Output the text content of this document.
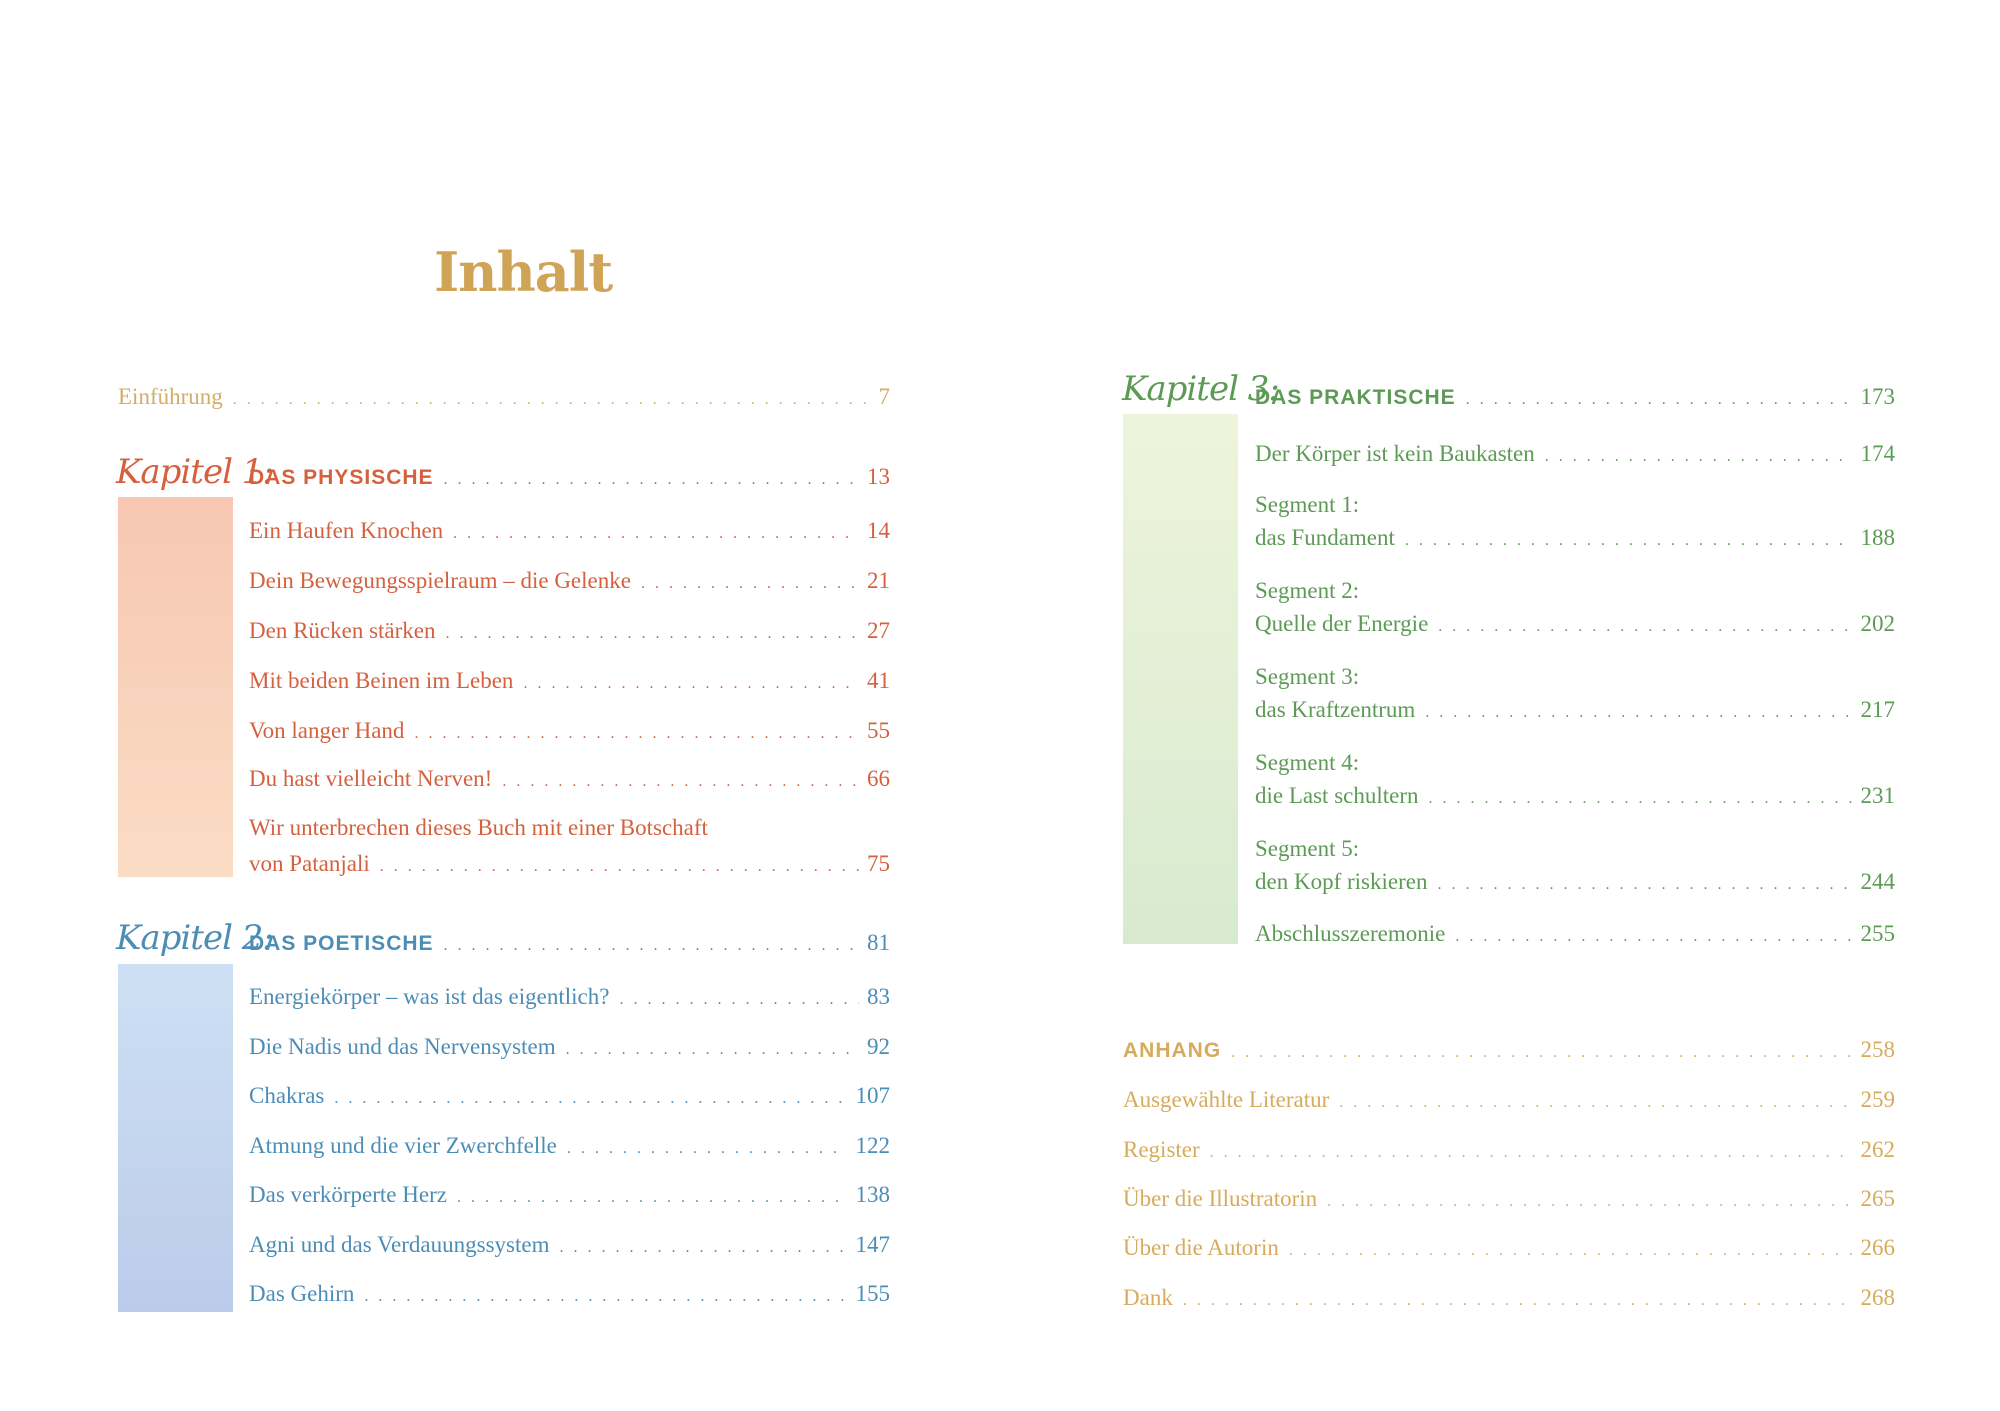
Inhalt
Einführung . . .	7
Kapitel 1:
DAS PHYSISCHE . . .	13
Ein Haufen Knochen . . .	14
Dein Bewegungsspielraum – die Gelenke . . .	21
Den Rücken stärken . . .	27
Mit beiden Beinen im Leben . . .	41
Von langer Hand . . .	55
Du hast vielleicht Nerven! . . .	66
Wir unterbrechen dieses Buch mit einer Botschaft
von Patanjali . . .	75
Kapitel 2:
DAS POETISCHE . . .	81
Energiekörper – was ist das eigentlich? . . .	83
Die Nadis und das Nervensystem . . .	92
Chakras . . .	107
Atmung und die vier Zwerchfelle . . .	122
Das verkörperte Herz . . .	138
Agni und das Verdauungssystem . . .	147
Das Gehirn . . .	155
Kapitel 3:
DAS PRAKTISCHE . . .	173
Der Körper ist kein Baukasten . . .	174
Segment 1:
das Fundament . . .	188
Segment 2:
Quelle der Energie . . .	202
Segment 3:
das Kraftzentrum . . .	217
Segment 4:
die Last schultern . . .	231
Segment 5:
den Kopf riskieren . . .	244
Abschlusszeremonie . . .	255
ANHANG . . .	258
Ausgewählte Literatur . . .	259
Register . . .	262
Über die Illustratorin . . .	265
Über die Autorin . . .	266
Dank . . .	268
